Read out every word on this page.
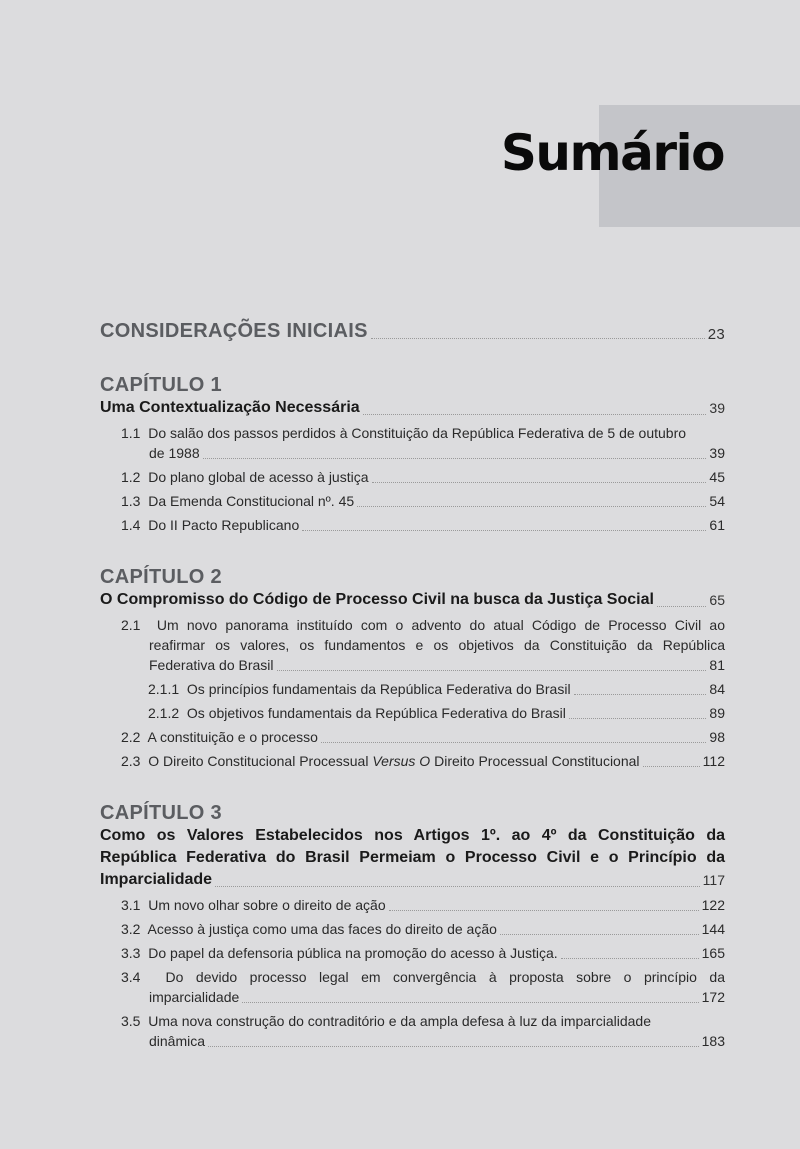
Sumário
CONSIDERAÇÕES INICIAIS	23
CAPÍTULO 1
Uma Contextualização Necessária	39
1.1 Do salão dos passos perdidos à Constituição da República Federativa de 5 de outubro
de 1988	39
1.2 Do plano global de acesso à justiça	45
1.3 Da Emenda Constitucional nº. 45	54
1.4 Do II Pacto Republicano	61
CAPÍTULO 2
O Compromisso do Código de Processo Civil na busca da Justiça Social	65
2.1 Um novo panorama instituído com o advento do atual Código de Processo Civil ao
reafirmar os valores, os fundamentos e os objetivos da Constituição da República
Federativa do Brasil	81
2.1.1 Os princípios fundamentais da República Federativa do Brasil	84
2.1.2 Os objetivos fundamentais da República Federativa do Brasil	89
2.2 A constituição e o processo	98
2.3 O Direito Constitucional Processual Versus O Direito Processual Constitucional	112
CAPÍTULO 3
Como os Valores Estabelecidos nos Artigos 1º. ao 4º da Constituição da
República Federativa do Brasil Permeiam o Processo Civil e o Princípio da
Imparcialidade	117
3.1 Um novo olhar sobre o direito de ação	122
3.2 Acesso à justiça como uma das faces do direito de ação	144
3.3 Do papel da defensoria pública na promoção do acesso à Justiça.	165
3.4 Do devido processo legal em convergência à proposta sobre o princípio da
imparcialidade	172
3.5 Uma nova construção do contraditório e da ampla defesa à luz da imparcialidade
dinâmica	183
